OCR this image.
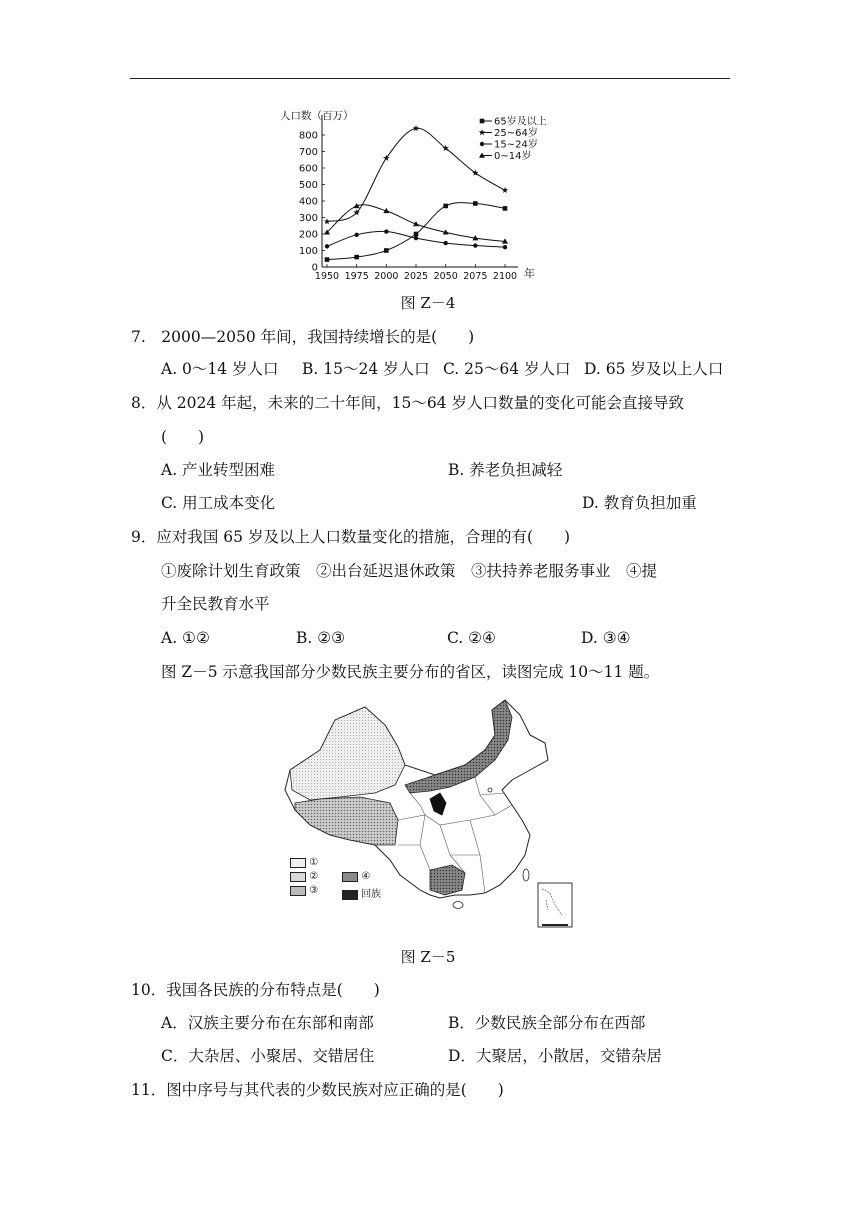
人口数（百万）
年
0
100
200
300
400
500
600
700
800
1950 1975 2000 2025 2050 2075 2100
65岁及以上
25~64岁
15~24岁
0~14岁
图 Z－4
7.　2000—2050 年间，我国持续增长的是(　　)
A. 0～14 岁人口 B. 15～24 岁人口 C. 25～64 岁人口 D. 65 岁及以上人口
8．从 2024 年起，未来的二十年间，15～64 岁人口数量的变化可能会直接导致
(　　)
A. 产业转型困难	B. 养老负担减轻
C. 用工成本变化	D. 教育负担加重
9．应对我国 65 岁及以上人口数量变化的措施，合理的有(　　)
①废除计划生育政策　②出台延迟退休政策　③扶持养老服务事业　④提
升全民教育水平
A. ①②	B. ②③	C. ②④	D. ③④
图 Z－5 示意我国部分少数民族主要分布的省区，读图完成 10～11 题。
①
②	④
③	回族
图 Z－5
10．我国各民族的分布特点是(　　)
A．汉族主要分布在东部和南部	B．少数民族全部分布在西部
C．大杂居、小聚居、交错居住	D．大聚居，小散居，交错杂居
11．图中序号与其代表的少数民族对应正确的是(　　)
